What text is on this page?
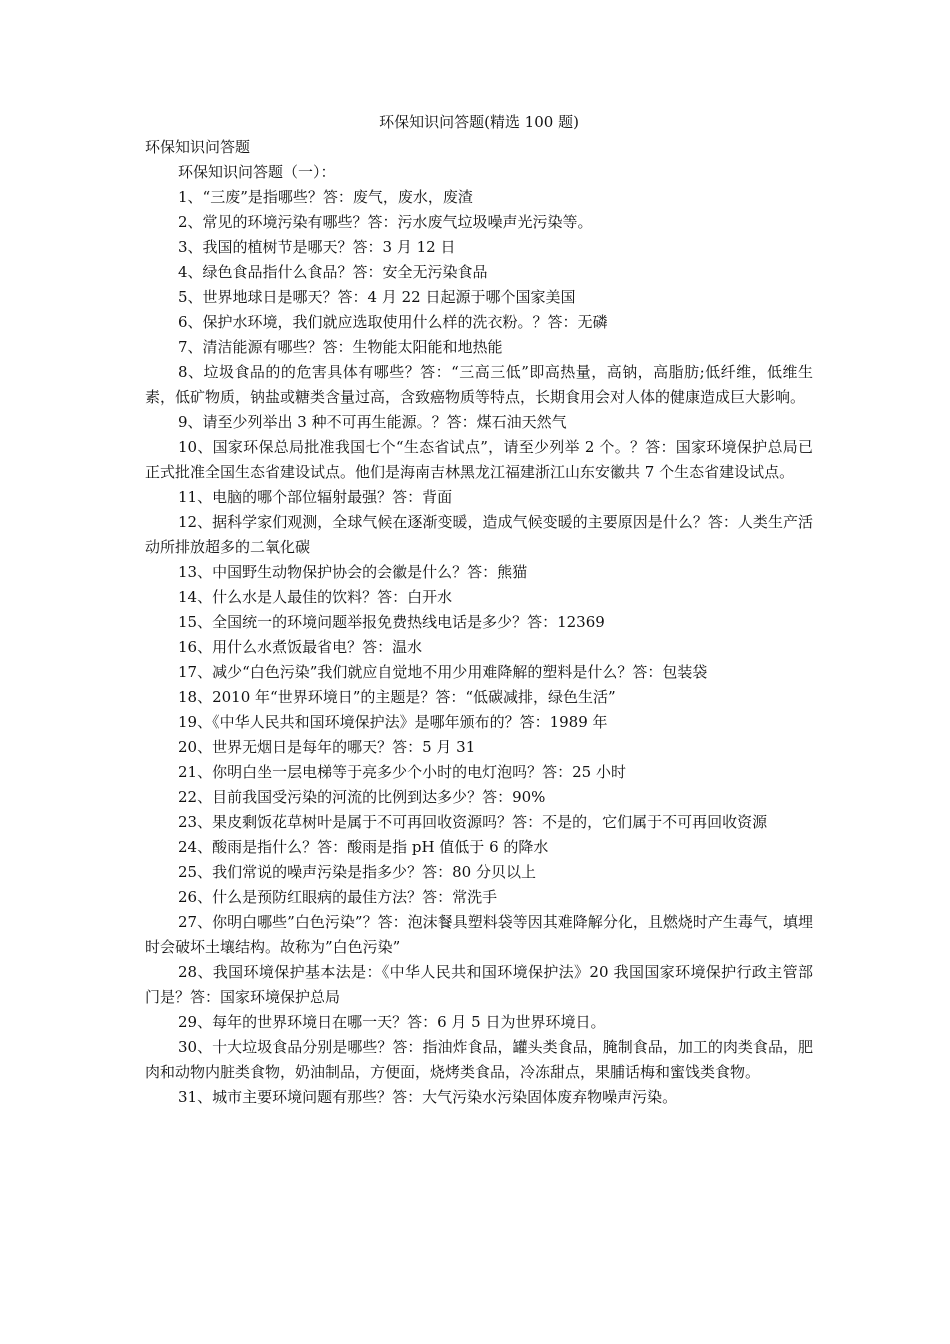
环保知识问答题(精选 100 题)

环保知识问答题

环保知识问答题（一）：

1、“三废”是指哪些？答：废气，废水，废渣

2、常见的环境污染有哪些？答：污水废气垃圾噪声光污染等。

3、我国的植树节是哪天？答：3 月 12 日

4、绿色食品指什么食品？答：安全无污染食品

5、世界地球日是哪天？答：4 月 22 日起源于哪个国家美国

6、保护水环境，我们就应选取使用什么样的洗衣粉。？答：无磷

7、清洁能源有哪些？答：生物能太阳能和地热能

8、垃圾食品的的危害具体有哪些？答：“三高三低”即高热量，高钠，高脂肪;低纤维，低维生素，低矿物质，钠盐或糖类含量过高，含致癌物质等特点，长期食用会对人体的健康造成巨大影响。

9、请至少列举出 3 种不可再生能源。？答：煤石油天然气

10、国家环保总局批准我国七个“生态省试点”，请至少列举 2 个。？答：国家环境保护总局已正式批准全国生态省建设试点。他们是海南吉林黑龙江福建浙江山东安徽共 7 个生态省建设试点。

11、电脑的哪个部位辐射最强？答：背面

12、据科学家们观测，全球气候在逐渐变暖，造成气候变暖的主要原因是什么？答：人类生产活动所排放超多的二氧化碳

13、中国野生动物保护协会的会徽是什么？答：熊猫

14、什么水是人最佳的饮料？答：白开水

15、全国统一的环境问题举报免费热线电话是多少？答：12369

16、用什么水煮饭最省电？答：温水

17、减少“白色污染”我们就应自觉地不用少用难降解的塑料是什么？答：包装袋

18、2010 年“世界环境日”的主题是？答：“低碳减排，绿色生活”

19、《中华人民共和国环境保护法》是哪年颁布的？答：1989 年

20、世界无烟日是每年的哪天？答：5 月 31

21、你明白坐一层电梯等于亮多少个小时的电灯泡吗？答：25 小时

22、目前我国受污染的河流的比例到达多少？答：90%

23、果皮剩饭花草树叶是属于不可再回收资源吗？答：不是的，它们属于不可再回收资源

24、酸雨是指什么？答：酸雨是指 pH 值低于 6 的降水

25、我们常说的噪声污染是指多少？答：80 分贝以上

26、什么是预防红眼病的最佳方法？答：常洗手

27、你明白哪些”白色污染”？答：泡沫餐具塑料袋等因其难降解分化，且燃烧时产生毒气，填埋时会破坏土壤结构。故称为”白色污染”

28、我国环境保护基本法是：《中华人民共和国环境保护法》20 我国国家环境保护行政主管部门是？答：国家环境保护总局

29、每年的世界环境日在哪一天？答：6 月 5 日为世界环境日。

30、十大垃圾食品分别是哪些？答：指油炸食品，罐头类食品，腌制食品，加工的肉类食品，肥肉和动物内脏类食物，奶油制品，方便面，烧烤类食品，冷冻甜点，果脯话梅和蜜饯类食物。

31、城市主要环境问题有那些？答：大气污染水污染固体废弃物噪声污染。
